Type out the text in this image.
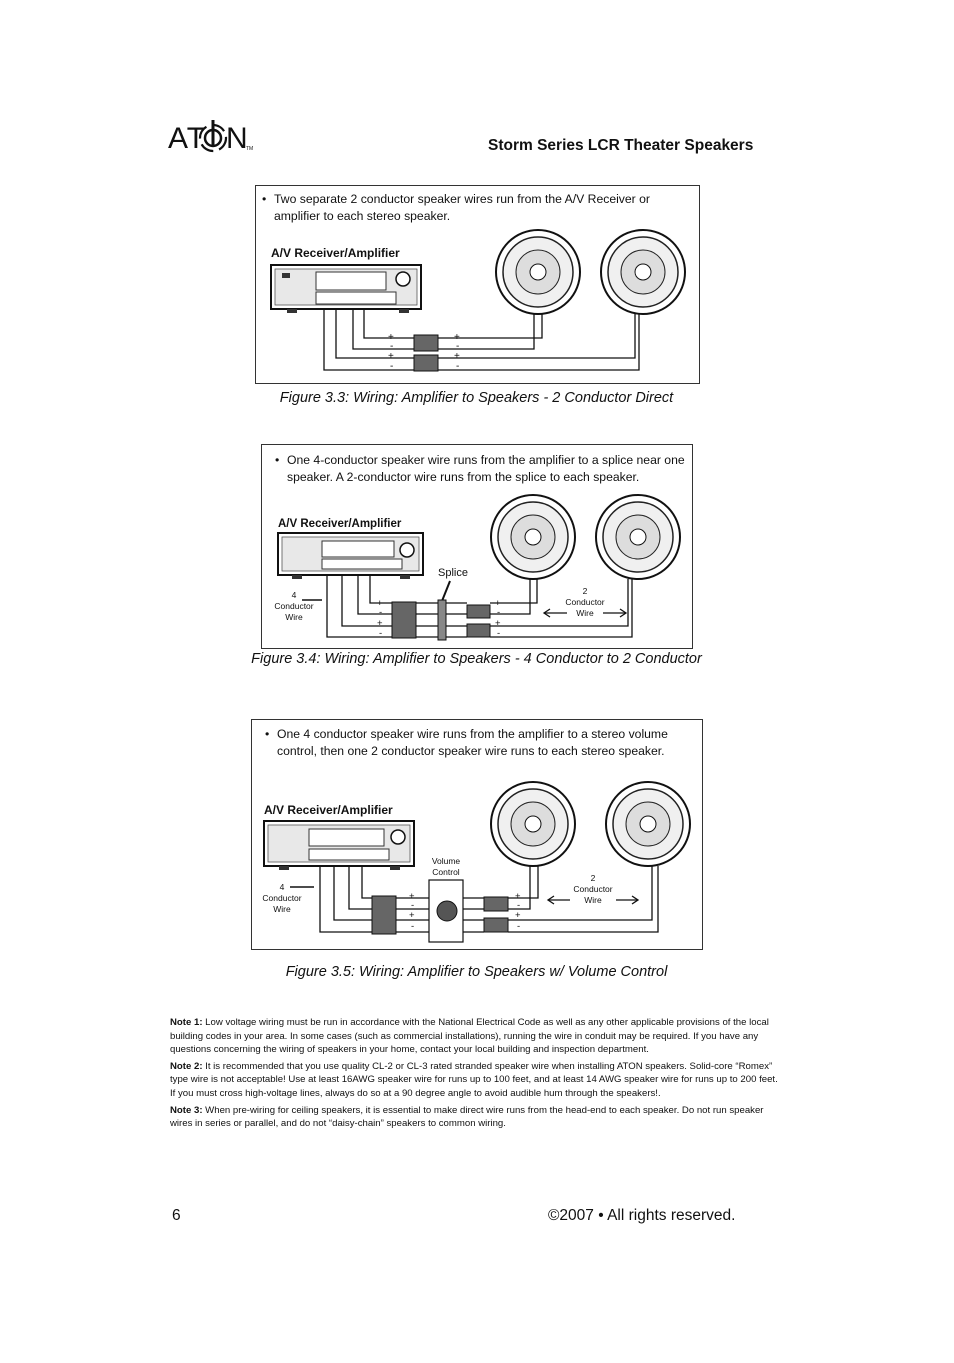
AT N
TM	Storm Series LCR Theater Speakers
• Two separate 2 conductor speaker wires run from the A/V Receiver or amplifier to each stereo speaker.
A/V Receiver/Amplifier
+
-
+
-
+
-
+
-
Figure 3.3: Wiring: Amplifier to Speakers - 2 Conductor Direct
• One 4-conductor speaker wire runs from the amplifier to a splice near one speaker. A 2-conductor wire runs from the splice to each speaker.
A/V Receiver/Amplifier
Splice
+
-
+
-
+
-
+
-
4
Conductor
Wire
2
Conductor
Wire
Figure 3.4: Wiring: Amplifier to Speakers - 4 Conductor to 2 Conductor
• One 4 conductor speaker wire runs from the amplifier to a stereo volume control, then one 2 conductor speaker wire runs to each stereo speaker.
A/V Receiver/Amplifier
Volume
Control
+
-
+
-
+
-
+
-
4
Conductor
Wire
2
Conductor
Wire
Figure 3.5: Wiring: Amplifier to Speakers w/ Volume Control

Note 1: Low voltage wiring must be run in accordance with the National Electrical Code as well as any other applicable provisions of the local building codes in your area. In some cases (such as commercial installations), running the wire in conduit may be required. If you have any questions concerning the wiring of speakers in your home, contact your local building and inspection department.

Note 2: It is recommended that you use quality CL-2 or CL-3 rated stranded speaker wire when installing ATON speakers. Solid-core “Romex” type wire is not acceptable! Use at least 16AWG speaker wire for runs up to 100 feet, and at least 14 AWG speaker wire for runs up to 200 feet. If you must cross high-voltage lines, always do so at a 90 degree angle to avoid audible hum through the speakers!.

Note 3: When pre-wiring for ceiling speakers, it is essential to make direct wire runs from the head-end to each speaker. Do not run speaker wires in series or parallel, and do not “daisy-chain” speakers to common wiring.

6	©2007 • All rights reserved.
